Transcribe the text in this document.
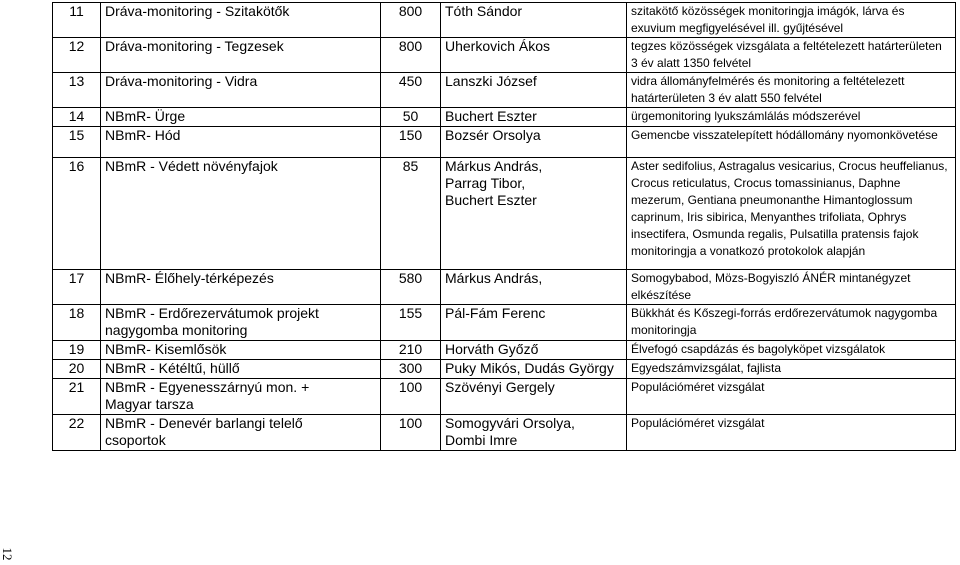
11	Dráva-monitoring - Szitakötők	800	Tóth Sándor	szitakötő közösségek monitoringja imágók, lárva és exuvium megfigyelésével ill. gyűjtésével
12	Dráva-monitoring - Tegzesek	800	Uherkovich Ákos	tegzes közösségek vizsgálata a feltételezett határterületen 3 év alatt 1350 felvétel
13	Dráva-monitoring - Vidra	450	Lanszki József	vidra állományfelmérés és monitoring a feltételezett határterületen 3 év alatt 550 felvétel
14	NBmR- Ürge	50	Buchert Eszter	ürgemonitoring lyukszámlálás módszerével
15	NBmR- Hód	150	Bozsér Orsolya	Gemencbe visszatelepített hódállomány nyomonkövetése
16	NBmR - Védett növényfajok	85	Márkus András, Parrag Tibor, Buchert Eszter	Aster sedifolius, Astragalus vesicarius, Crocus heuffelianus, Crocus reticulatus, Crocus tomassinianus, Daphne mezerum, Gentiana pneumonanthe Himantoglossum caprinum, Iris sibirica, Menyanthes trifoliata, Ophrys insectifera, Osmunda regalis, Pulsatilla pratensis fajok monitoringja a vonatkozó protokolok alapján
17	NBmR- Élőhely-térképezés	580	Márkus András,	Somogybabod, Mözs-Bogyiszló ÁNÉR mintanégyzet elkészítése
18	NBmR - Erdőrezervátumok projekt nagygomba monitoring	155	Pál-Fám Ferenc	Bükkhát és Kőszegi-forrás erdőrezervátumok nagygomba monitoringja
19	NBmR- Kisemlősök	210	Horváth Győző	Élvefogó csapdázás és bagolyköpet vizsgálatok
20	NBmR - Kétéltű, hüllő	300	Puky Mikós, Dudás György	Egyedszámvizsgálat, fajlista
21	NBmR - Egyenesszárnyú mon. + Magyar tarsza	100	Szövényi Gergely	Populációméret vizsgálat
22	NBmR - Denevér barlangi telelő csoportok	100	Somogyvári Orsolya, Dombi Imre	Populációméret vizsgálat
12
